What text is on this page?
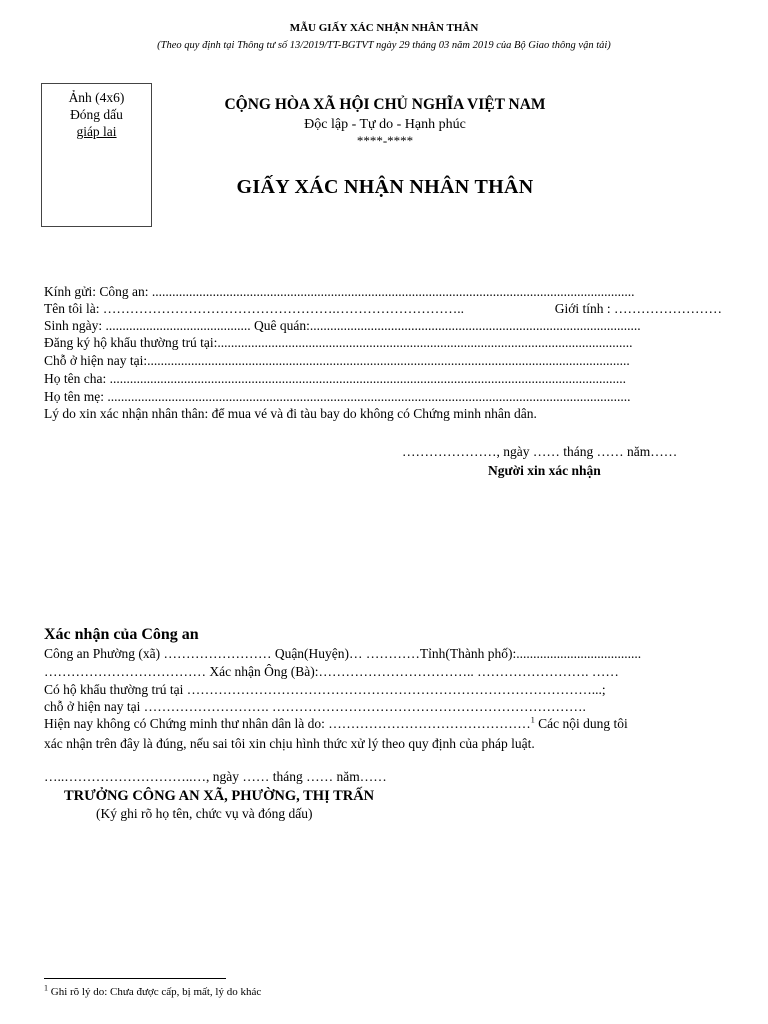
MẪU GIẤY XÁC NHẬN NHÂN THÂN
(Theo quy định tại Thông tư số 13/2019/TT-BGTVT ngày 29 tháng 03 năm 2019 của Bộ Giao thông vận tải)
Ảnh (4x6)
Đóng dấu
giáp lai
CỘNG HÒA XÃ HỘI CHỦ NGHĨA VIỆT NAM
Độc lập - Tự do - Hạnh phúc
****-****
GIẤY XÁC NHẬN NHÂN THÂN
Kính gửi: Công an: ...............................................................................................................................................
Tên tôi là: …………………………………………….………………………..	Giới tính : ……………………
Sinh ngày: ........................................... Quê quán:..................................................................................................
Đăng ký hộ khẩu thường trú tại:...........................................................................................................................
Chỗ ở hiện nay tại:...............................................................................................................................................
Họ tên cha: .........................................................................................................................................................
Họ tên mẹ: ...........................................................................................................................................................
Lý do xin xác nhận nhân thân: để mua vé và đi tàu bay do không có Chứng minh nhân dân.
…………………, ngày …… tháng …… năm……
Người xin xác nhận
Xác nhận của Công an
Công an Phường (xã) …………………… Quận(Huyện)… …………Tỉnh(Thành phố):.....................................
……………………………… Xác nhận Ông (Bà):…………………………….. ……………………. ……
Có hộ khẩu thường trú tại ………………………………………………………………………………...;
chỗ ở hiện nay tại ………………………. …………………………………………………………….
Hiện nay không có Chứng minh thư nhân dân là do: ………………………………………$^1$ Các nội dung tôi
xác nhận trên đây là đúng, nếu sai tôi xin chịu hình thức xử lý theo quy định của pháp luật.
…..………………………..…, ngày …… tháng …… năm……
TRƯỞNG CÔNG AN XÃ, PHƯỜNG, THỊ TRẤN
(Ký ghi rõ họ tên, chức vụ và đóng dấu)
$^1$ Ghi rõ lý do: Chưa được cấp, bị mất, lý do khác
